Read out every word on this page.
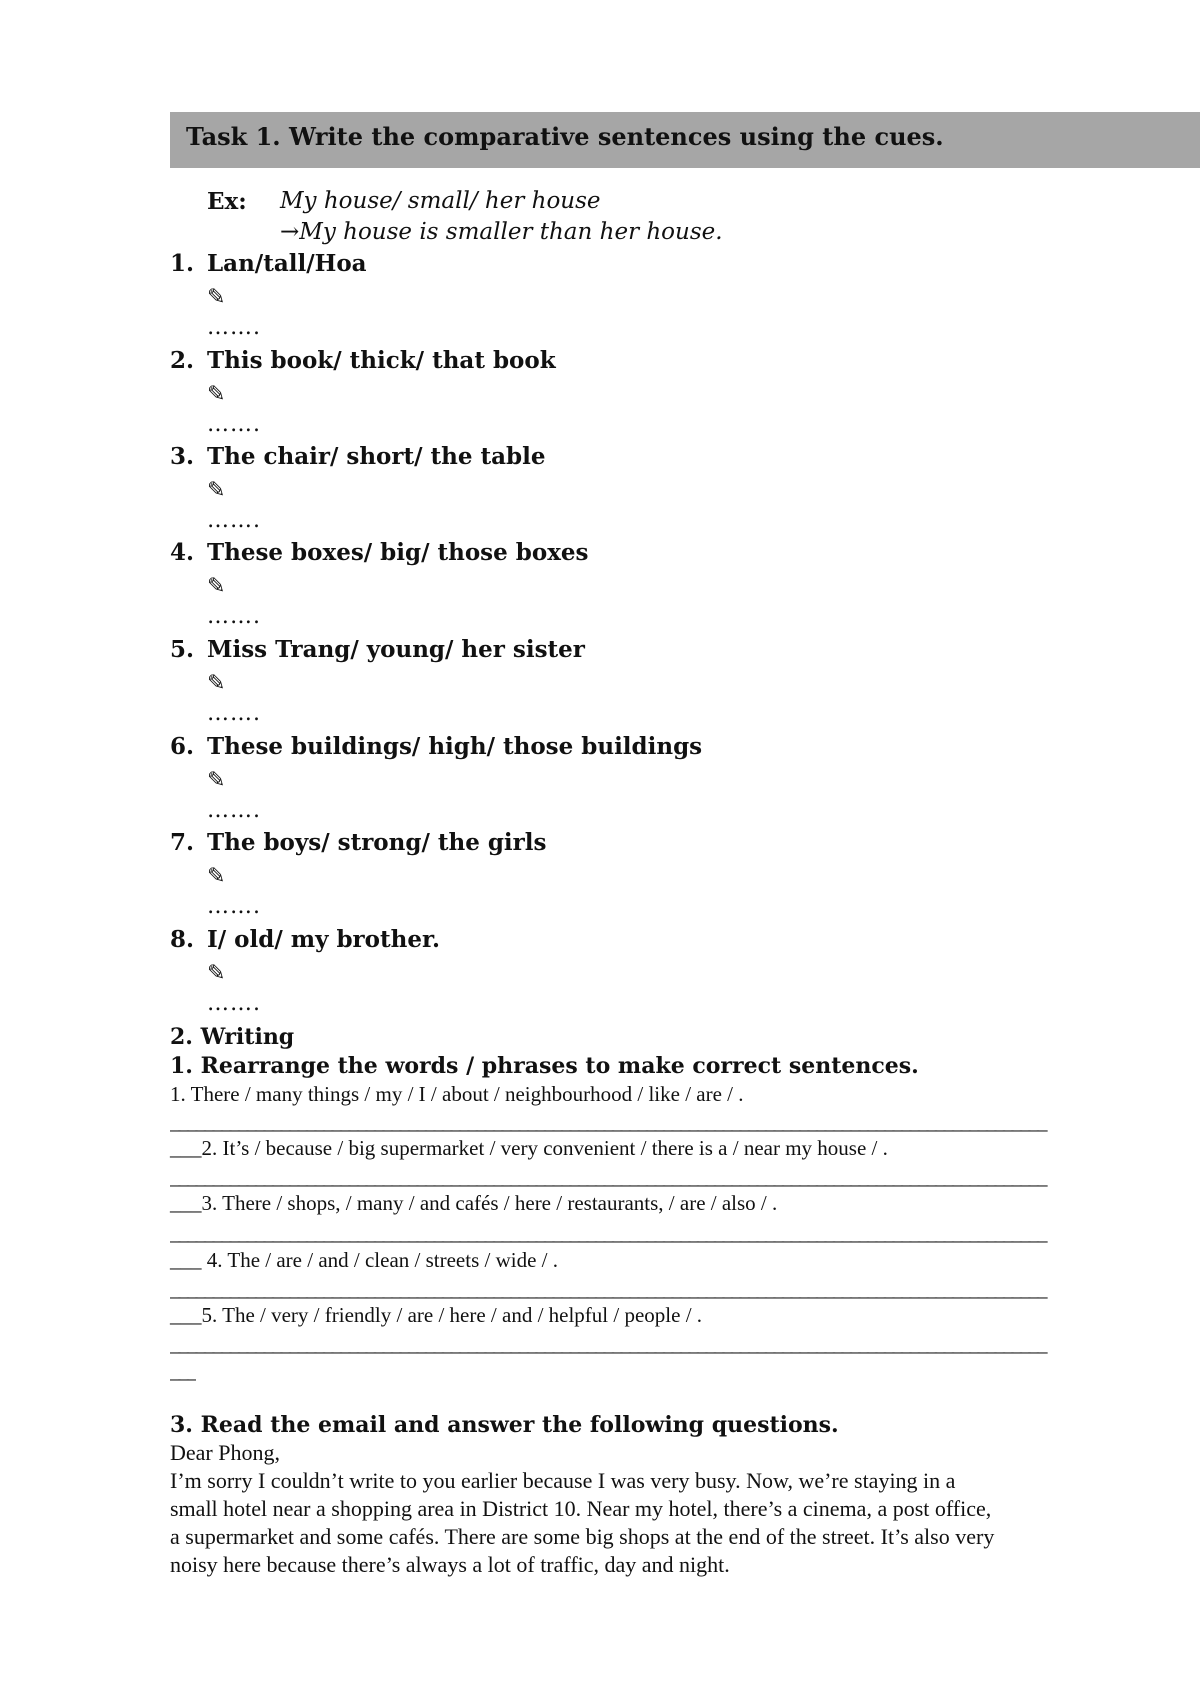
Task 1. Write the comparative sentences using the cues.
Ex: My house/ small/ her house
→My house is smaller than her house.
1. Lan/tall/Hoa
✎
…….
2. This book/ thick/ that book
✎
…….
3. The chair/ short/ the table
✎
…….
4. These boxes/ big/ those boxes
✎
…….
5. Miss Trang/ young/ her sister
✎
…….
6. These buildings/ high/ those buildings
✎
…….
7. The boys/ strong/ the girls
✎
…….
8. I/ old/ my brother.
✎
…….
2. Writing
1. Rearrange the words / phrases to make correct sentences.
1. There / many things / my / I / about / neighbourhood / like / are / .
_______________________________________________________________________________________________________
___2. It’s / because / big supermarket / very convenient / there is a / near my house / .
_______________________________________________________________________________________________________
___3. There / shops, / many / and cafés / here / restaurants, / are / also / .
_______________________________________________________________________________________________________
___ 4. The / are / and / clean / streets / wide / .
_______________________________________________________________________________________________________
___5. The / very / friendly / are / here / and / helpful / people / .
_______________________________________________________________________________________________________
___
3. Read the email and answer the following questions.
Dear Phong,
I’m sorry I couldn’t write to you earlier because I was very busy. Now, we’re staying in a
small hotel near a shopping area in District 10. Near my hotel, there’s a cinema, a post office,
a supermarket and some cafés. There are some big shops at the end of the street. It’s also very
noisy here because there’s always a lot of traffic, day and night.
